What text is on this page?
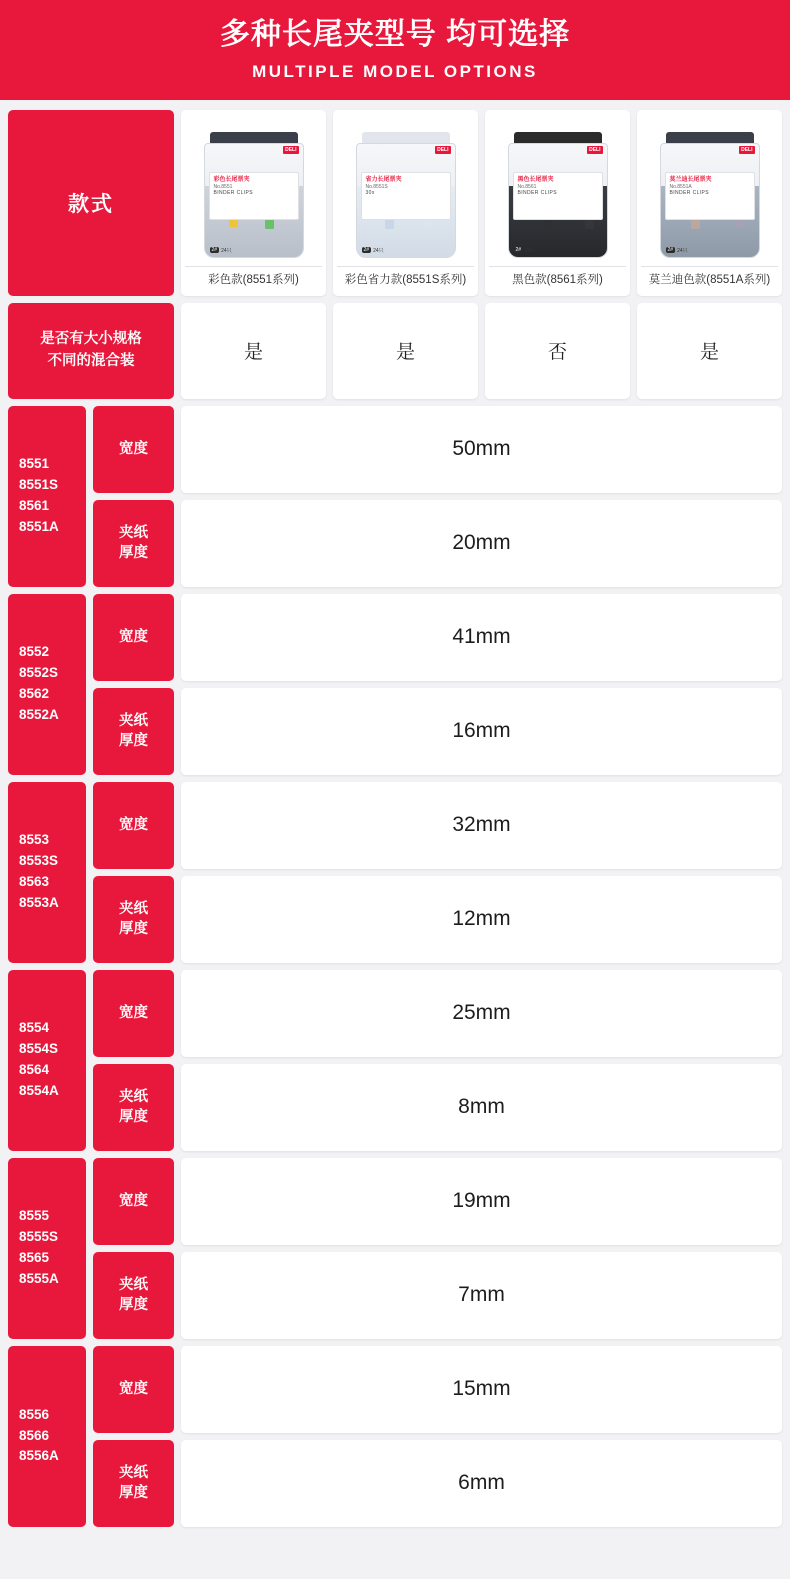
多种长尾夹型号 均可选择
MULTIPLE MODEL OPTIONS
款式
DELI
彩色长尾票夹
No.8551
BINDER CLIPS
2# 24只
彩色款(8551系列)
DELI
省力长尾票夹
No.8551S
30x
2# 24只
彩色省力款(8551S系列)
DELI
黑色长尾票夹
No.8561
BINDER CLIPS
2# 24只
黑色款(8561系列)
DELI
莫兰迪长尾票夹
No.8551A
BINDER CLIPS
2# 24只
莫兰迪色款(8551A系列)
是否有大小规格
不同的混合装	是	是	否	是
8551
8551S
8561
8551A
宽度	50mm
夹纸
厚度	20mm
8552
8552S
8562
8552A
宽度	41mm
夹纸
厚度	16mm
8553
8553S
8563
8553A
宽度	32mm
夹纸
厚度	12mm
8554
8554S
8564
8554A
宽度	25mm
夹纸
厚度	8mm
8555
8555S
8565
8555A
宽度	19mm
夹纸
厚度	7mm
8556
8566
8556A
宽度	15mm
夹纸
厚度	6mm
